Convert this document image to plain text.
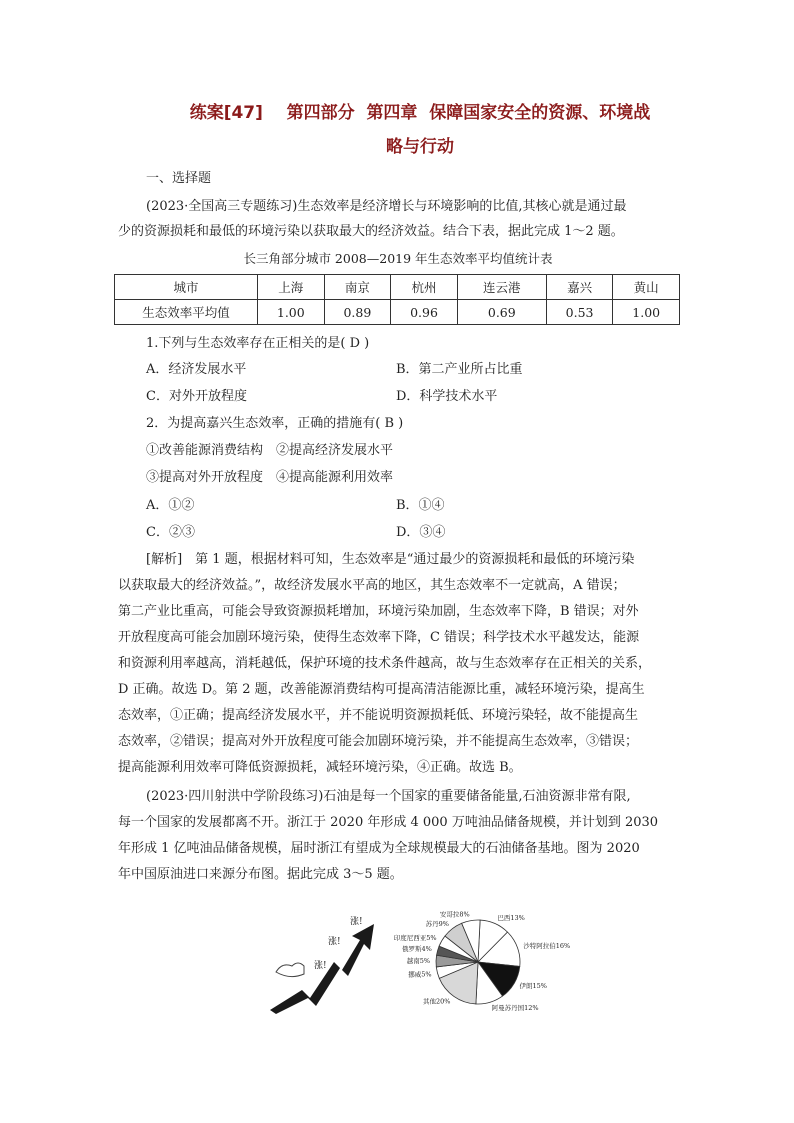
练案[47] 第四部分 第四章 保障国家安全的资源、环境战
略与行动
一、选择题
(2023·全国高三专题练习)生态效率是经济增长与环境影响的比值,其核心就是通过最
少的资源损耗和最低的环境污染以获取最大的经济效益。结合下表，据此完成 1～2 题。
长三角部分城市 2008—2019 年生态效率平均值统计表
城市	上海	南京	杭州	连云港	嘉兴	黄山
生态效率平均值	1.00	0.89	0.96	0.69	0.53	1.00
1.下列与生态效率存在正相关的是( D )
A．经济发展水平	B．第二产业所占比重
C．对外开放程度	D．科学技术水平
2．为提高嘉兴生态效率，正确的措施有( B )
①改善能源消费结构　②提高经济发展水平
③提高对外开放程度　④提高能源利用效率
A．①②	B．①④
C．②③	D．③④
[解析]　第 1 题，根据材料可知，生态效率是“通过最少的资源损耗和最低的环境污染
以获取最大的经济效益。”，故经济发展水平高的地区，其生态效率不一定就高，A 错误；
第二产业比重高，可能会导致资源损耗增加，环境污染加剧，生态效率下降，B 错误；对外
开放程度高可能会加剧环境污染，使得生态效率下降，C 错误；科学技术水平越发达，能源
和资源利用率越高，消耗越低，保护环境的技术条件越高，故与生态效率存在正相关的关系，
D 正确。故选 D。第 2 题，改善能源消费结构可提高清洁能源比重，减轻环境污染，提高生
态效率，①正确；提高经济发展水平，并不能说明资源损耗低、环境污染轻，故不能提高生
态效率，②错误；提高对外开放程度可能会加剧环境污染，并不能提高生态效率，③错误；
提高能源利用效率可降低资源损耗，减轻环境污染，④正确。故选 B。
(2023·四川射洪中学阶段练习)石油是每一个国家的重要储备能量,石油资源非常有限,
每一个国家的发展都离不开。浙江于 2020 年形成 4 000 万吨油品储备规模，并计划到 2030
年形成 1 亿吨油品储备规模，届时浙江有望成为全球规模最大的石油储备基地。图为 2020
年中国原油进口来源分布图。据此完成 3～5 题。
涨!
涨!
涨!
巴西13%
沙特阿拉伯16%
伊朗15%
阿曼苏丹国12%
其他20%
挪威5%
越南5%
俄罗斯4%
印度尼西亚5%
苏丹9%
安哥拉8%
